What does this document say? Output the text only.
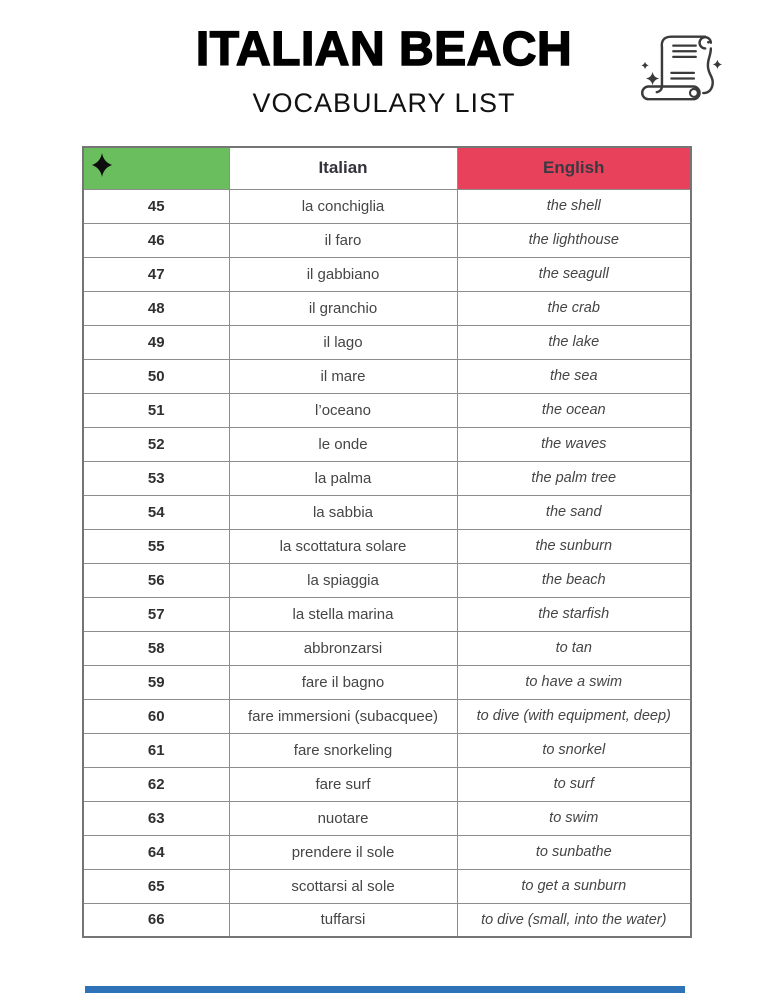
ITALIAN BEACH
VOCABULARY LIST
	Italian	English
45	la conchiglia	the shell
46	il faro	the lighthouse
47	il gabbiano	the seagull
48	il granchio	the crab
49	il lago	the lake
50	il mare	the sea
51	l’oceano	the ocean
52	le onde	the waves
53	la palma	the palm tree
54	la sabbia	the sand
55	la scottatura solare	the sunburn
56	la spiaggia	the beach
57	la stella marina	the starfish
58	abbronzarsi	to tan
59	fare il bagno	to have a swim
60	fare immersioni (subacquee)	to dive (with equipment, deep)
61	fare snorkeling	to snorkel
62	fare surf	to surf
63	nuotare	to swim
64	prendere il sole	to sunbathe
65	scottarsi al sole	to get a sunburn
66	tuffarsi	to dive (small, into the water)
